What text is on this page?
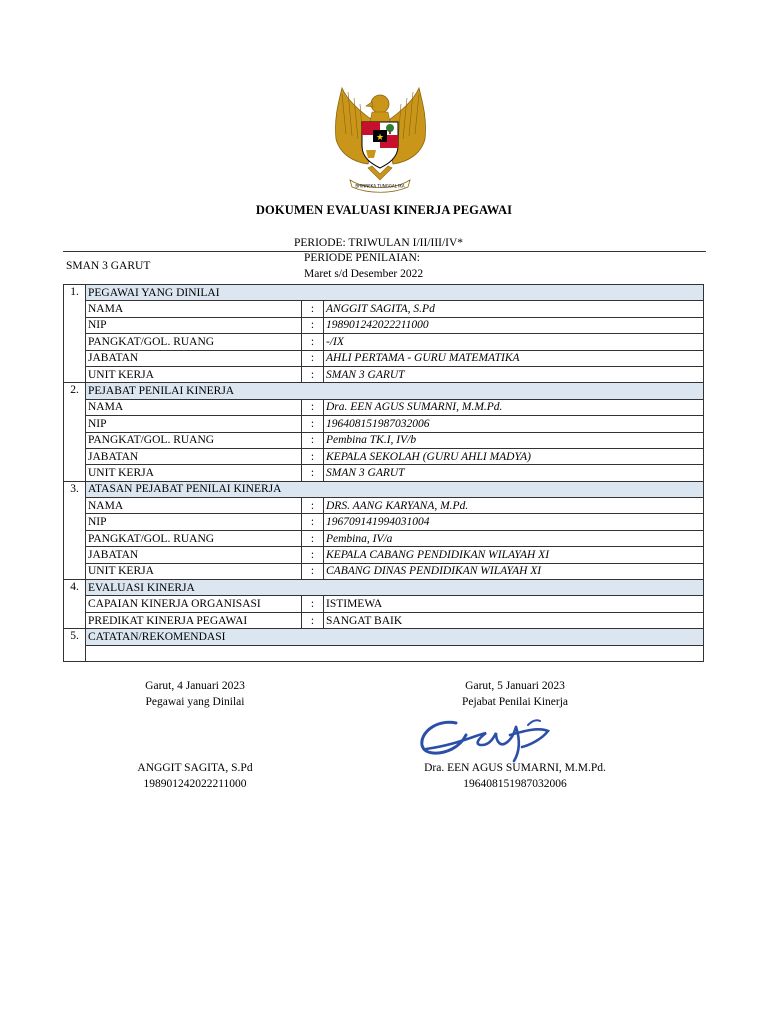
★
BHINNEKA TUNGGAL IKA
DOKUMEN EVALUASI KINERJA PEGAWAI
PERIODE: TRIWULAN I/II/III/IV*
SMAN 3 GARUT
PERIODE PENILAIAN:
Maret s/d Desember 2022
1.	PEGAWAI YANG DINILAI		
	NAMA	:	ANGGIT SAGITA, S.Pd
	NIP	:	198901242022211000
	PANGKAT/GOL. RUANG	:	-/IX
	JABATAN	:	AHLI PERTAMA - GURU MATEMATIKA
	UNIT KERJA	:	SMAN 3 GARUT
2.	PEJABAT PENILAI KINERJA		
	NAMA	:	Dra. EEN AGUS SUMARNI, M.M.Pd.
	NIP	:	196408151987032006
	PANGKAT/GOL. RUANG	:	Pembina TK.I, IV/b
	JABATAN	:	KEPALA SEKOLAH (GURU AHLI MADYA)
	UNIT KERJA	:	SMAN 3 GARUT
3.	ATASAN PEJABAT PENILAI KINERJA		
	NAMA	:	DRS. AANG KARYANA, M.Pd.
	NIP	:	196709141994031004
	PANGKAT/GOL. RUANG	:	Pembina, IV/a
	JABATAN	:	KEPALA CABANG PENDIDIKAN WILAYAH XI
	UNIT KERJA	:	CABANG DINAS PENDIDIKAN WILAYAH XI
4.	EVALUASI KINERJA		
	CAPAIAN KINERJA ORGANISASI	:	ISTIMEWA
	PREDIKAT KINERJA PEGAWAI	:	SANGAT BAIK
5.	CATATAN/REKOMENDASI		

Garut, 4 Januari 2023
Pegawai yang Dinilai
ANGGIT SAGITA, S.Pd
198901242022211000
Garut, 5 Januari 2023
Pejabat Penilai Kinerja
Dra. EEN AGUS SUMARNI, M.M.Pd.
196408151987032006
